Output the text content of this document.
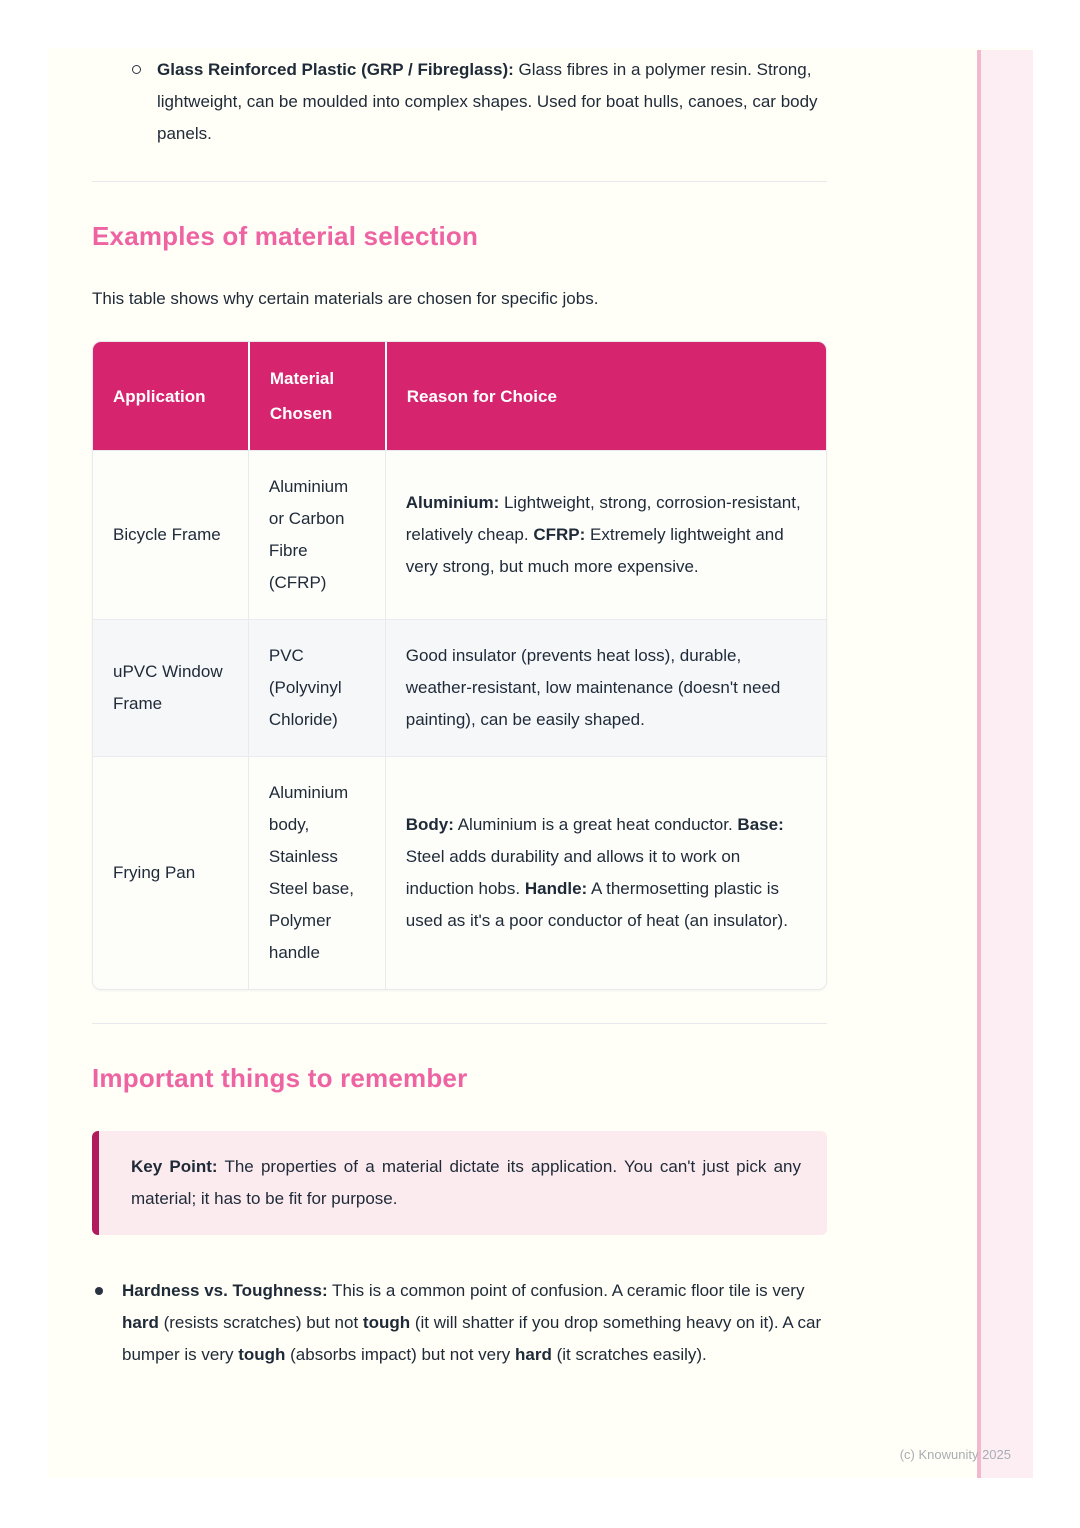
Glass Reinforced Plastic (GRP / Fibreglass): Glass fibres in a polymer resin. Strong, lightweight, can be moulded into complex shapes. Used for boat hulls, canoes, car body panels.

Examples of material selection

This table shows why certain materials are chosen for specific jobs.

Application	Material Chosen	Reason for Choice
Bicycle Frame	Aluminium or Carbon Fibre (CFRP)	Aluminium: Lightweight, strong, corrosion-resistant, relatively cheap. CFRP: Extremely lightweight and very strong, but much more expensive.
uPVC Window Frame	PVC (Polyvinyl Chloride)	Good insulator (prevents heat loss), durable, weather-resistant, low maintenance (doesn't need painting), can be easily shaped.
Frying Pan	Aluminium body, Stainless Steel base, Polymer handle	Body: Aluminium is a great heat conductor. Base: Steel adds durability and allows it to work on induction hobs. Handle: A thermosetting plastic is used as it's a poor conductor of heat (an insulator).
Important things to remember

Key Point: The properties of a material dictate its application. You can't just pick any material; it has to be fit for purpose.

Hardness vs. Toughness: This is a common point of confusion. A ceramic floor tile is very hard (resists scratches) but not tough (it will shatter if you drop something heavy on it). A car bumper is very tough (absorbs impact) but not very hard (it scratches easily).

(c) Knowunity 2025
